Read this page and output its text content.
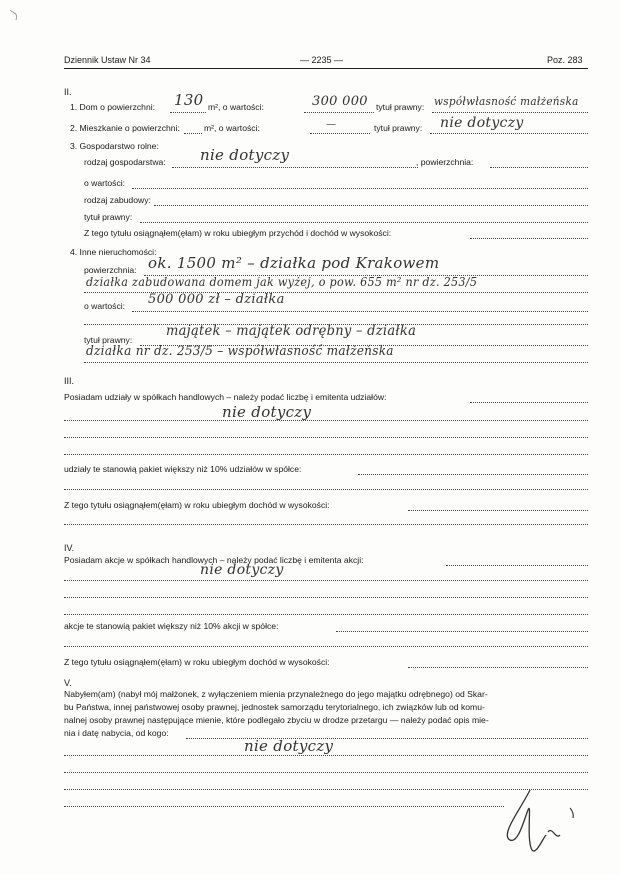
Dziennik Ustaw Nr 34	— 2235 —	Poz. 283
II.
1. Dom o powierzchni: 130 m², o wartości:	300 000 tytuł prawny: współwłasność małżeńska
2. Mieszkanie o powierzchni:	m², o wartości:	—	tytuł prawny: nie dotyczy
3. Gospodarstwo rolne:
rodzaj gospodarstwa: nie dotyczy	, powierzchnia:
o wartości:
rodzaj zabudowy:
tytuł prawny:
Z tego tytułu osiągnąłem(ęłam) w roku ubiegłym przychód i dochód w wysokości:
4. Inne nieruchomości:
powierzchnia: ok. 1500 m² – działka pod Krakowem
działka zabudowana domem jak wyżej, o pow. 655 m² nr dz. 253/5
o wartości: 500 000 zł – działka
tytuł prawny:
majątek – majątek odrębny – działka
działka nr dz. 253/5 – współwłasność małżeńska
III.
Posiadam udziały w spółkach handlowych – należy podać liczbę i emitenta udziałów:
nie dotyczy
udziały te stanowią pakiet większy niż 10% udziałów w spółce:
Z tego tytułu osiągnąłem(ęłam) w roku ubiegłym dochód w wysokości:
IV.
Posiadam akcje w spółkach handlowych – należy podać liczbę i emitenta akcji:
nie dotyczy
akcje te stanowią pakiet większy niż 10% akcji w spółce:
Z tego tytułu osiągnąłem(ęłam) w roku ubiegłym dochód w wysokości:
V.
Nabyłem(am) (nabył mój małżonek, z wyłączeniem mienia przynależnego do jego majątku odrębnego) od Skar-
bu Państwa, innej państwowej osoby prawnej, jednostek samorządu terytorialnego, ich związków lub od komu-
nalnej osoby prawnej następujące mienie, które podlegało zbyciu w drodze przetargu — należy podać opis mie-
nia i datę nabycia, od kogo:
nie dotyczy
